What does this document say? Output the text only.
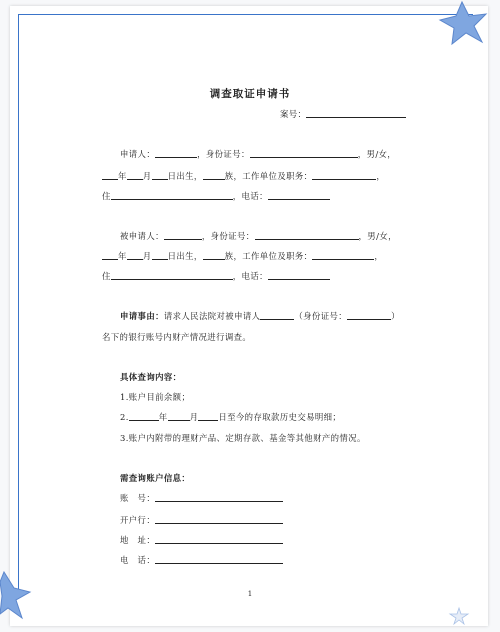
调查取证申请书
案号：
申请人：	，身份证号：	，男/女，
年 月 日出生，	族，工作单位及职务：	，
住	，电话：
被申请人：	，身份证号：	，男/女，
年 月 日出生，	族，工作单位及职务：	，
住	，电话：
申请事由：请求人民法院对被申请人	（身份证号：	）
名下的银行账号内财产情况进行调查。
具体查询内容：
1.账户目前余额；
2.	年	月 日至今的存取款历史交易明细；
3.账户内附带的理财产品、定期存款、基金等其他财产的情况。
需查询账户信息：
账　号：
开户行：
地　址：
电　话：
1
